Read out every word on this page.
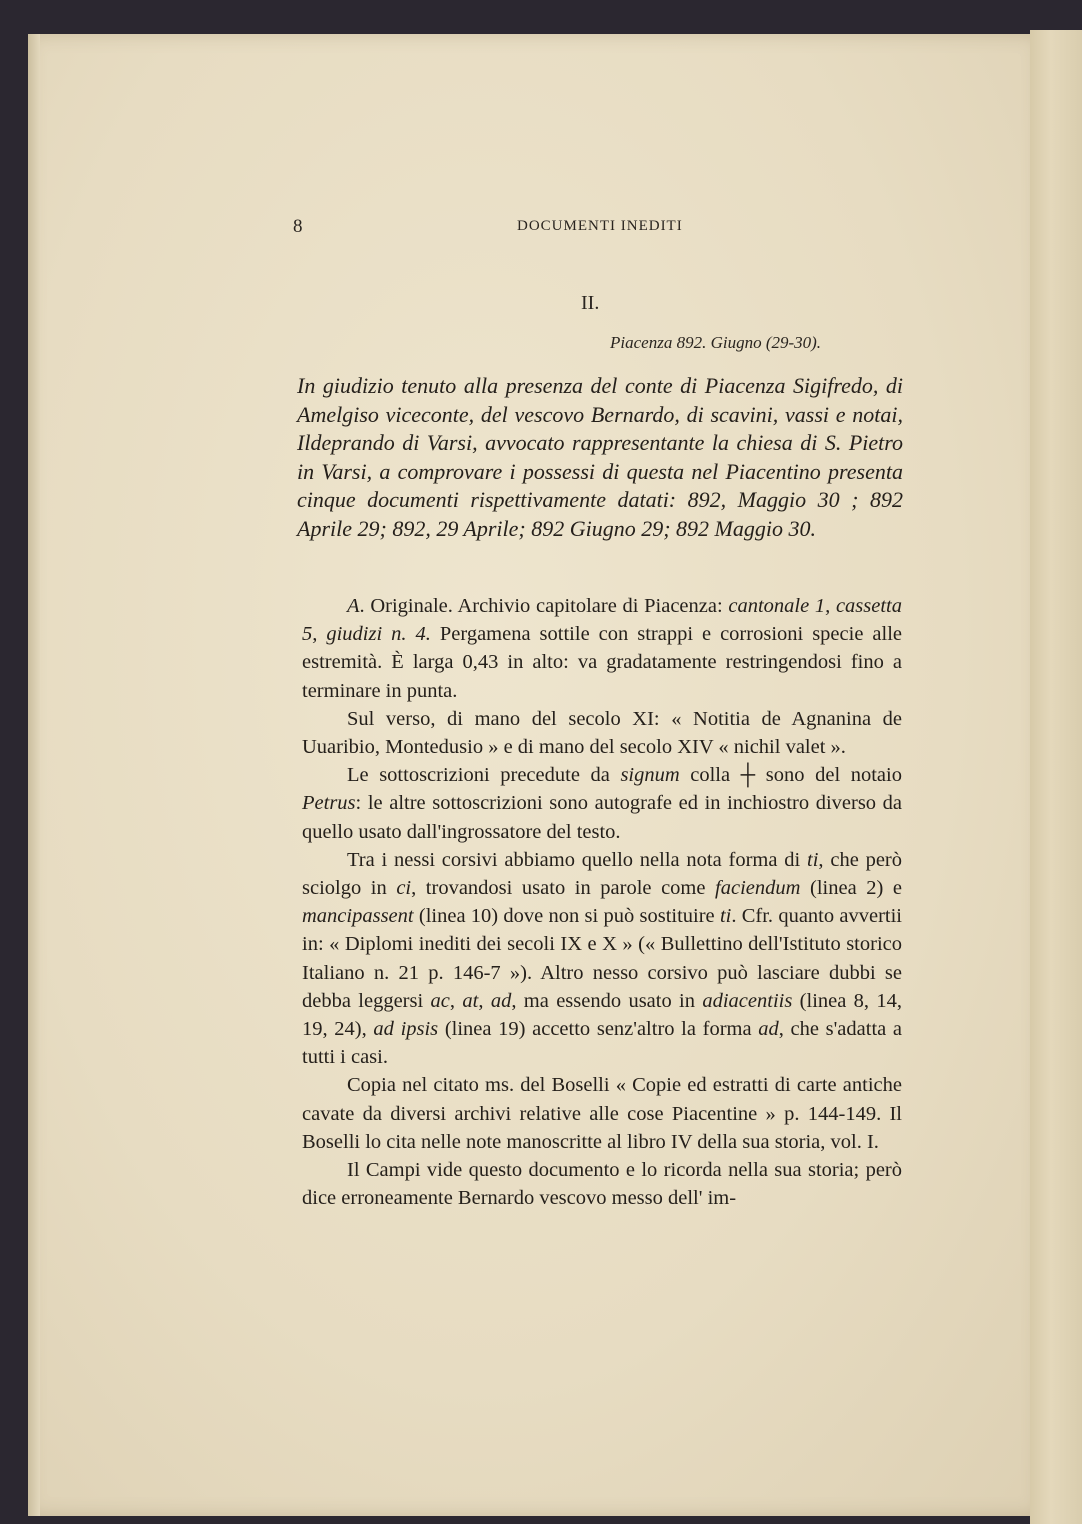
8	DOCUMENTI INEDITI
II.
Piacenza 892. Giugno (29-30).

In giudizio tenuto alla presenza del conte di Piacenza Sigifredo, di Amelgiso viceconte, del vescovo Bernardo, di scavini, vassi e notai, Ildeprando di Varsi, avvocato rappresentante la chiesa di S. Pietro in Varsi, a comprovare i possessi di questa nel Piacentino presenta cinque documenti rispettivamente datati: 892, Maggio 30 ; 892 Aprile 29; 892, 29 Aprile; 892 Giugno 29; 892 Maggio 30.

A. Originale. Archivio capitolare di Piacenza: cantonale 1, cassetta 5, giudizi n. 4. Pergamena sottile con strappi e corrosioni specie alle estremità. È larga 0,43 in alto: va gradatamente restringendosi fino a terminare in punta.

Sul verso, di mano del secolo XI: « Notitia de Agnanina de Uuaribio, Montedusio » e di mano del secolo XIV « nichil valet ».

Le sottoscrizioni precedute da signum colla ┼ sono del notaio Petrus: le altre sottoscrizioni sono autografe ed in inchiostro diverso da quello usato dall'ingrossatore del testo.

Tra i nessi corsivi abbiamo quello nella nota forma di ti, che però sciolgo in ci, trovandosi usato in parole come faciendum (linea 2) e mancipassent (linea 10) dove non si può sostituire ti. Cfr. quanto avvertii in: « Diplomi inediti dei secoli IX e X » (« Bullettino dell'Istituto storico Italiano n. 21 p. 146-7 »). Altro nesso corsivo può lasciare dubbi se debba leggersi ac, at, ad, ma essendo usato in adiacentiis (linea 8, 14, 19, 24), ad ipsis (linea 19) accetto senz'altro la forma ad, che s'adatta a tutti i casi.

Copia nel citato ms. del Boselli « Copie ed estratti di carte antiche cavate da diversi archivi relative alle cose Piacentine » p. 144-149. Il Boselli lo cita nelle note manoscritte al libro IV della sua storia, vol. I.

Il Campi vide questo documento e lo ricorda nella sua storia; però dice erroneamente Bernardo vescovo messo dell' im-
